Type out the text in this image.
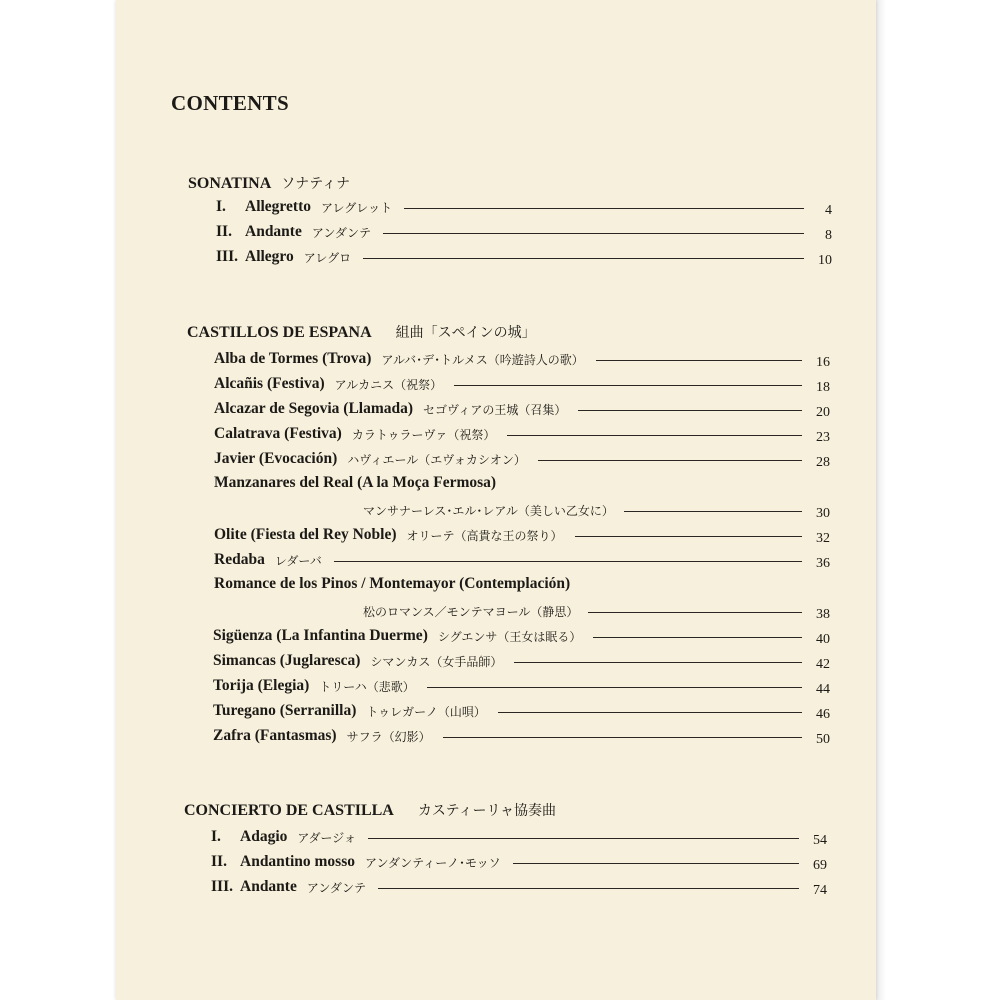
CONTENTS
SONATINA ソナティナ
I.	Allegretto アレグレット	4
II. Andante アンダンテ	8
III. Allegro アレグロ	10
CASTILLOS DE ESPANA 組曲「スペインの城」
Alba de Tormes (Trova) アルバ･デ･トルメス（吟遊詩人の歌）	16
Alcañis (Festiva) アルカニス（祝祭）	18
Alcazar de Segovia (Llamada) セゴヴィアの王城（召集）	20
Calatrava (Festiva) カラトゥラーヴァ（祝祭）	23
Javier (Evocación) ハヴィエール（エヴォカシオン）	28
Manzanares del Real (A la Moça Fermosa)
マンサナーレス･エル･レアル（美しい乙女に）	30
Olite (Fiesta del Rey Noble) オリーテ（高貴な王の祭り）	32
Redaba レダーバ	36
Romance de los Pinos / Montemayor (Contemplación)
松のロマンス／モンテマヨール（静思）	38
Sigüenza (La Infantina Duerme) シグエンサ（王女は眠る）	40
Simancas (Juglaresca) シマンカス（女手品師）	42
Torija (Elegia) トリーハ（悲歌）	44
Turegano (Serranilla) トゥレガーノ（山唄）	46
Zafra (Fantasmas) サフラ（幻影）	50
CONCIERTO DE CASTILLA カスティーリャ協奏曲
I.	Adagio アダージォ	54
II. Andantino mosso アンダンティーノ･モッソ	69
III. Andante アンダンテ	74
